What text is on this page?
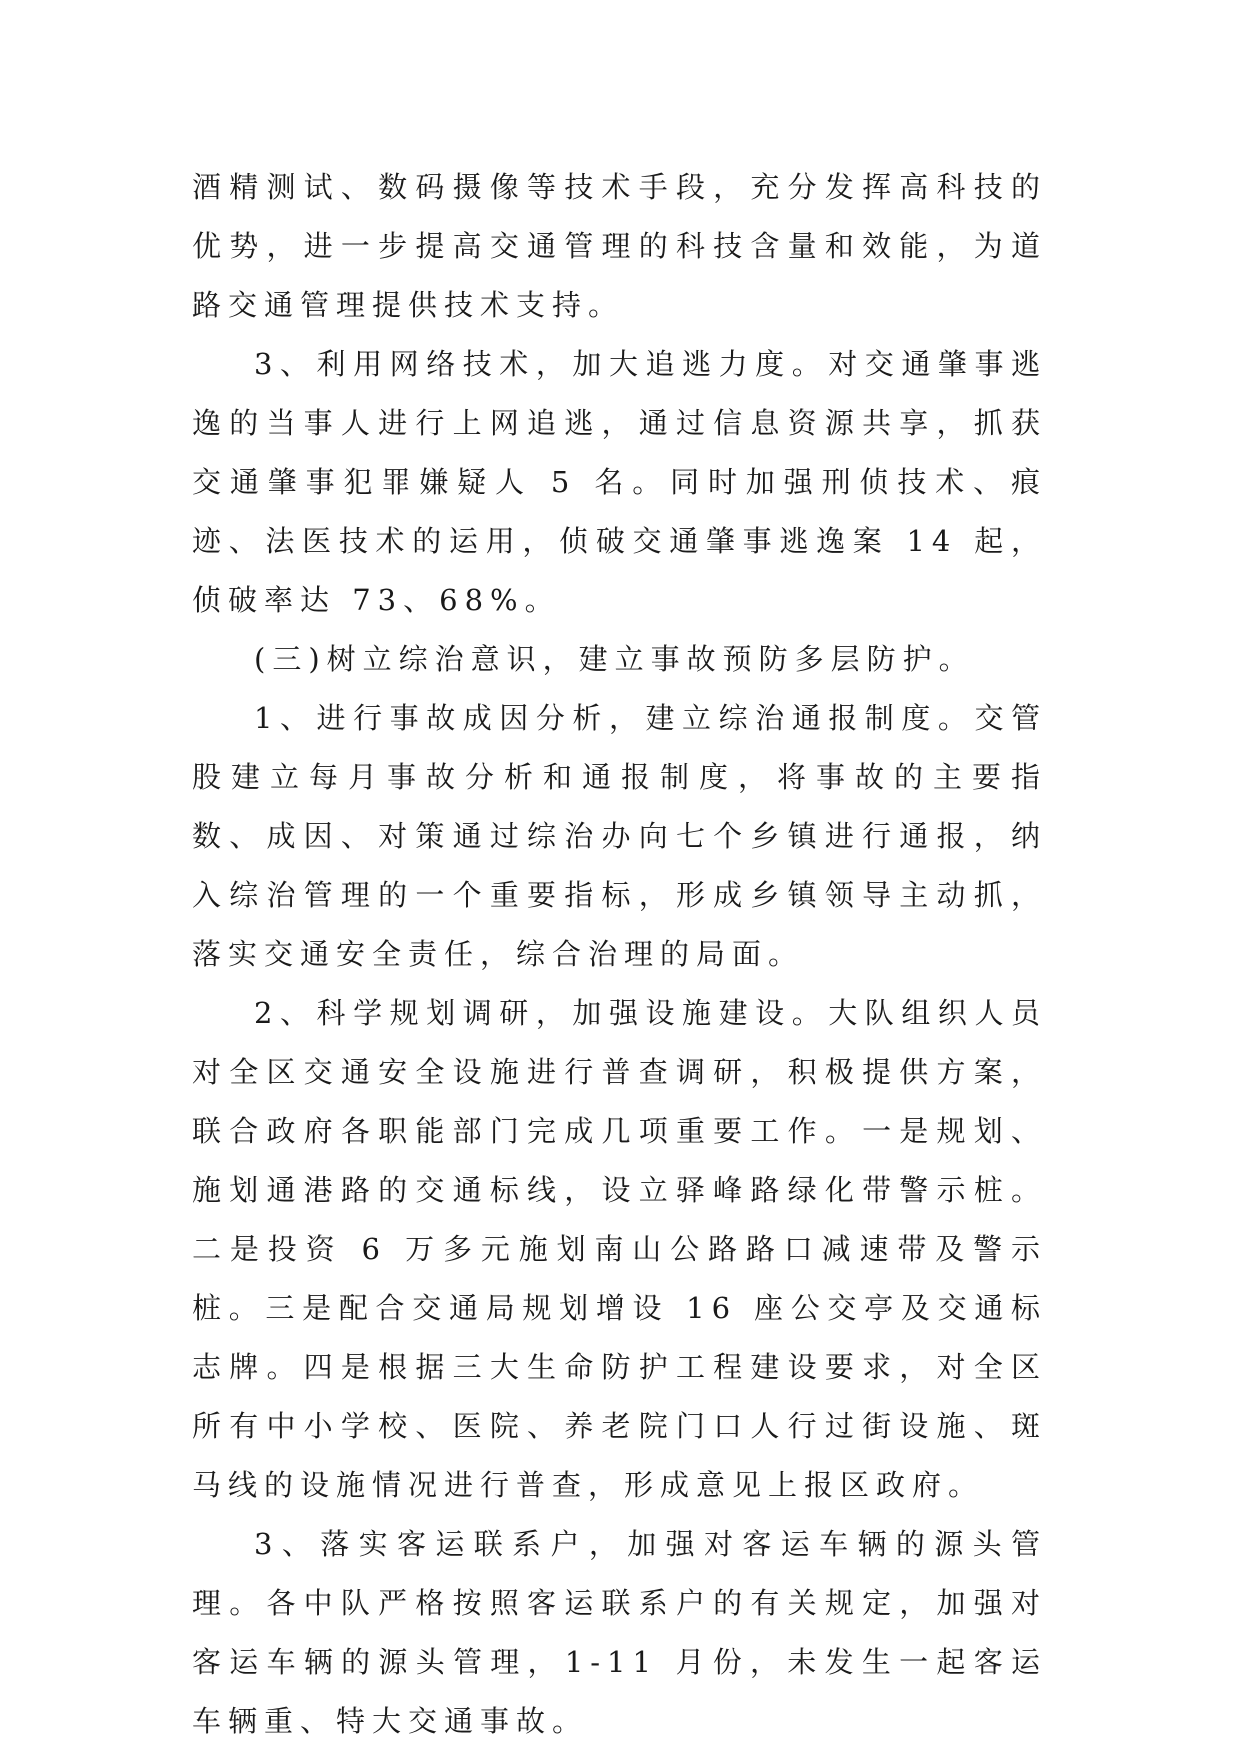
酒精测试、数码摄像等技术手段，充分发挥高科技的优势，进一步提高交通管理的科技含量和效能，为道路交通管理提供技术支持。

3、利用网络技术，加大追逃力度。对交通肇事逃逸的当事人进行上网追逃，通过信息资源共享，抓获交通肇事犯罪嫌疑人 5 名。同时加强刑侦技术、痕迹、法医技术的运用，侦破交通肇事逃逸案 14 起，侦破率达 73、68%。

(三)树立综治意识，建立事故预防多层防护。

1、进行事故成因分析，建立综治通报制度。交管股建立每月事故分析和通报制度，将事故的主要指数、成因、对策通过综治办向七个乡镇进行通报，纳入综治管理的一个重要指标，形成乡镇领导主动抓，落实交通安全责任，综合治理的局面。

2、科学规划调研，加强设施建设。大队组织人员对全区交通安全设施进行普查调研，积极提供方案，联合政府各职能部门完成几项重要工作。一是规划、施划通港路的交通标线，设立驿峰路绿化带警示桩。二是投资 6 万多元施划南山公路路口减速带及警示桩。三是配合交通局规划增设 16 座公交亭及交通标志牌。四是根据三大生命防护工程建设要求，对全区所有中小学校、医院、养老院门口人行过街设施、斑马线的设施情况进行普查，形成意见上报区政府。

3、落实客运联系户，加强对客运车辆的源头管理。各中队严格按照客运联系户的有关规定，加强对客运车辆的源头管理，1-11 月份，未发生一起客运车辆重、特大交通事故。
